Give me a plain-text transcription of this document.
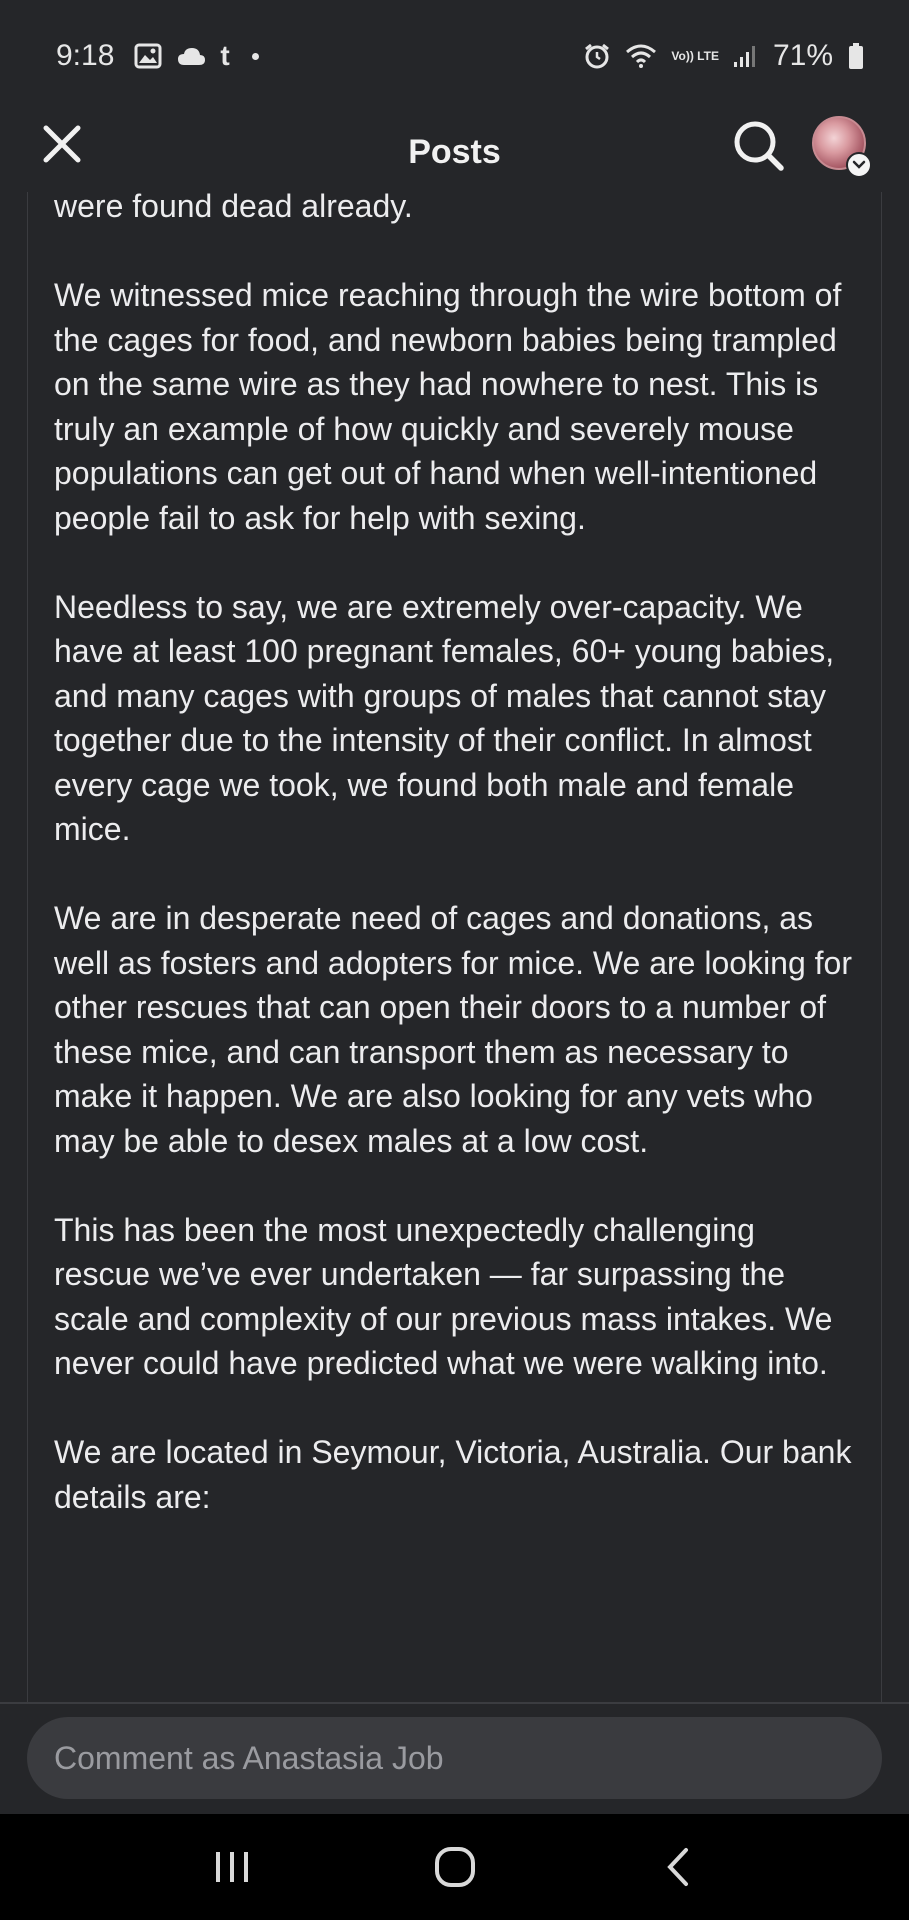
9:18	t	Vo)) LTE 71%
Posts

were found dead already.

We witnessed mice reaching through the wire bottom of the cages for food, and newborn babies being trampled on the same wire as they had nowhere to nest. This is truly an example of how quickly and severely mouse populations can get out of hand when well-intentioned people fail to ask for help with sexing.

Needless to say, we are extremely over-capacity. We have at least 100 pregnant females, 60+ young babies, and many cages with groups of males that cannot stay together due to the intensity of their conflict. In almost every cage we took, we found both male and female mice.

We are in desperate need of cages and donations, as well as fosters and adopters for mice. We are looking for other rescues that can open their doors to a number of these mice, and can transport them as necessary to make it happen. We are also looking for any vets who may be able to desex males at a low cost.

This has been the most unexpectedly challenging rescue we’ve ever undertaken — far surpassing the scale and complexity of our previous mass intakes. We never could have predicted what we were walking into.

We are located in Seymour, Victoria, Australia. Our bank details are:

Comment as Anastasia Job
